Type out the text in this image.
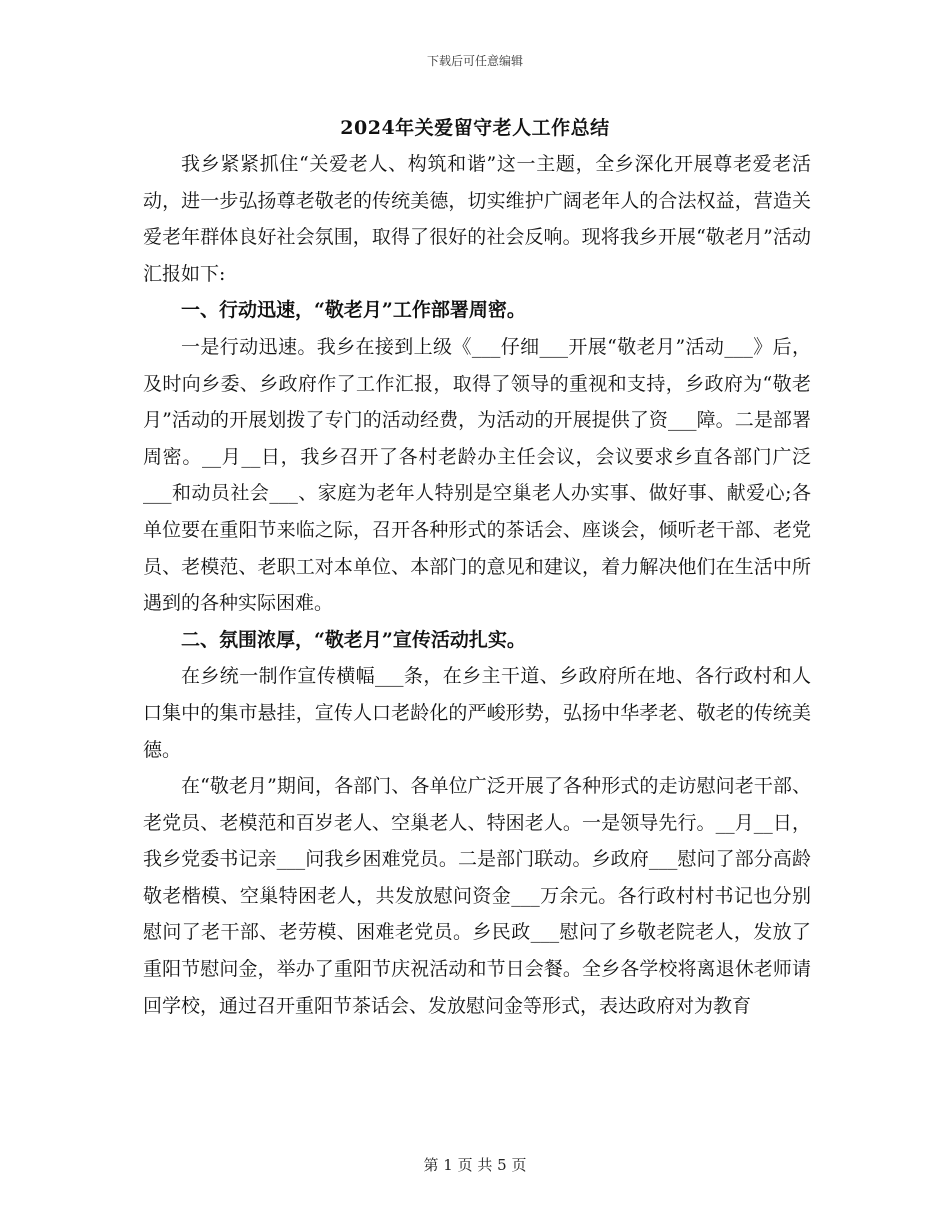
下载后可任意编辑
2024年关爱留守老人工作总结

我乡紧紧抓住“关爱老人、构筑和谐”这一主题，全乡深化开展尊老爱老活动，进一步弘扬尊老敬老的传统美德，切实维护广阔老年人的合法权益，营造关爱老年群体良好社会氛围，取得了很好的社会反响。现将我乡开展“敬老月”活动汇报如下:

一、行动迅速，“敬老月”工作部署周密。

一是行动迅速。我乡在接到上级《___仔细___开展“敬老月”活动___》后，及时向乡委、乡政府作了工作汇报，取得了领导的重视和支持，乡政府为“敬老月”活动的开展划拨了专门的活动经费，为活动的开展提供了资___障。二是部署周密。__月__日，我乡召开了各村老龄办主任会议，会议要求乡直各部门广泛___和动员社会___、家庭为老年人特别是空巢老人办实事、做好事、献爱心;各单位要在重阳节来临之际，召开各种形式的茶话会、座谈会，倾听老干部、老党员、老模范、老职工对本单位、本部门的意见和建议，着力解决他们在生活中所遇到的各种实际困难。

二、氛围浓厚，“敬老月”宣传活动扎实。

在乡统一制作宣传横幅___条，在乡主干道、乡政府所在地、各行政村和人口集中的集市悬挂，宣传人口老龄化的严峻形势，弘扬中华孝老、敬老的传统美德。

在“敬老月”期间，各部门、各单位广泛开展了各种形式的走访慰问老干部、老党员、老模范和百岁老人、空巢老人、特困老人。一是领导先行。__月__日，我乡党委书记亲___问我乡困难党员。二是部门联动。乡政府___慰问了部分高龄敬老楷模、空巢特困老人，共发放慰问资金___万余元。各行政村村书记也分别慰问了老干部、老劳模、困难老党员。乡民政___慰问了乡敬老院老人，发放了重阳节慰问金，举办了重阳节庆祝活动和节日会餐。全乡各学校将离退休老师请回学校，通过召开重阳节茶话会、发放慰问金等形式，表达政府对为教育

第 1 页 共 5 页
